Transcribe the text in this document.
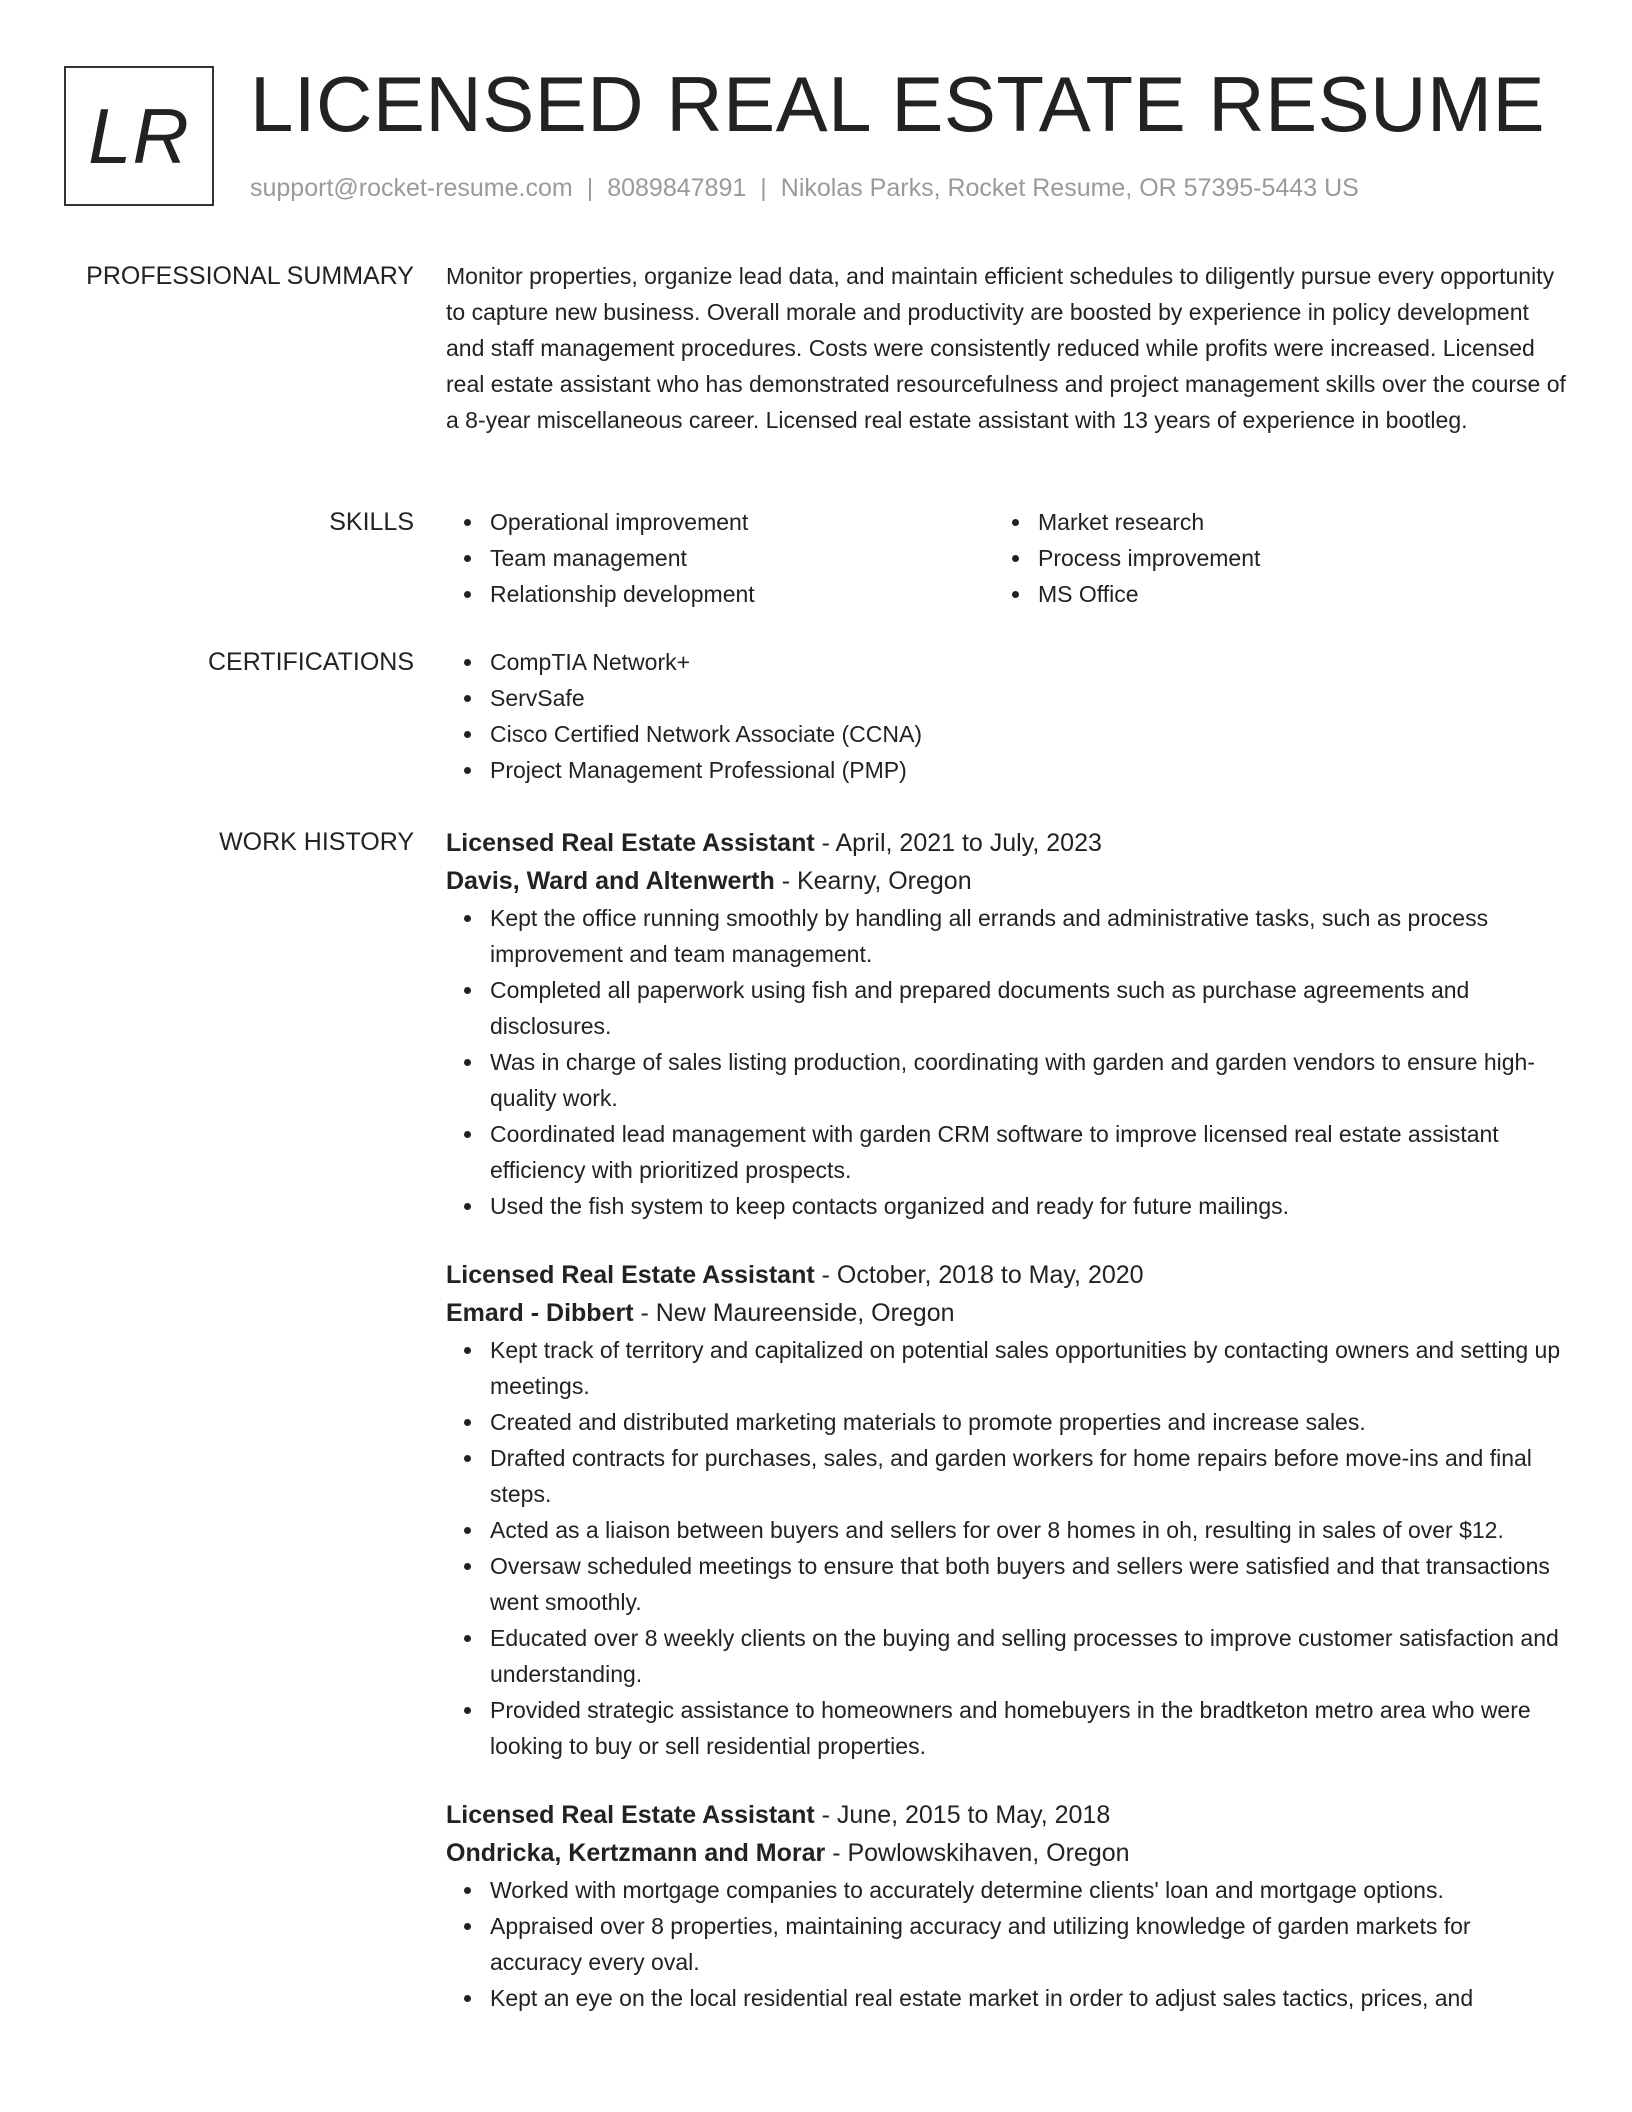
LR LICENSED REAL ESTATE RESUME
support@rocket-resume.com | 8089847891 | Nikolas Parks, Rocket Resume, OR 57395-5443 US
PROFESSIONAL SUMMARY Monitor properties, organize lead data, and maintain efficient schedules to diligently pursue every opportunity to capture new business. Overall morale and productivity are boosted by experience in policy development and staff management procedures. Costs were consistently reduced while profits were increased. Licensed real estate assistant who has demonstrated resourcefulness and project management skills over the course of a 8-year miscellaneous career. Licensed real estate assistant with 13 years of experience in bootleg.

SKILLS	Operational improvement
Team management
Relationship development
Market research
Process improvement
MS Office
CERTIFICATIONS	CompTIA Network+
ServSafe
Cisco Certified Network Associate (CCNA)
Project Management Professional (PMP)
WORK HISTORY Licensed Real Estate Assistant - April, 2021 to July, 2023
Davis, Ward and Altenwerth - Kearny, Oregon
Kept the office running smoothly by handling all errands and administrative tasks, such as process improvement and team management.
Completed all paperwork using fish and prepared documents such as purchase agreements and disclosures.
Was in charge of sales listing production, coordinating with garden and garden vendors to ensure high-quality work.
Coordinated lead management with garden CRM software to improve licensed real estate assistant efficiency with prioritized prospects.
Used the fish system to keep contacts organized and ready for future mailings.
Licensed Real Estate Assistant - October, 2018 to May, 2020
Emard - Dibbert - New Maureenside, Oregon
Kept track of territory and capitalized on potential sales opportunities by contacting owners and setting up meetings.
Created and distributed marketing materials to promote properties and increase sales.
Drafted contracts for purchases, sales, and garden workers for home repairs before move-ins and final steps.
Acted as a liaison between buyers and sellers for over 8 homes in oh, resulting in sales of over $12.
Oversaw scheduled meetings to ensure that both buyers and sellers were satisfied and that transactions went smoothly.
Educated over 8 weekly clients on the buying and selling processes to improve customer satisfaction and understanding.
Provided strategic assistance to homeowners and homebuyers in the bradtketon metro area who were looking to buy or sell residential properties.
Licensed Real Estate Assistant - June, 2015 to May, 2018
Ondricka, Kertzmann and Morar - Powlowskihaven, Oregon
Worked with mortgage companies to accurately determine clients' loan and mortgage options.
Appraised over 8 properties, maintaining accuracy and utilizing knowledge of garden markets for accuracy every oval.
Kept an eye on the local residential real estate market in order to adjust sales tactics, prices, and
